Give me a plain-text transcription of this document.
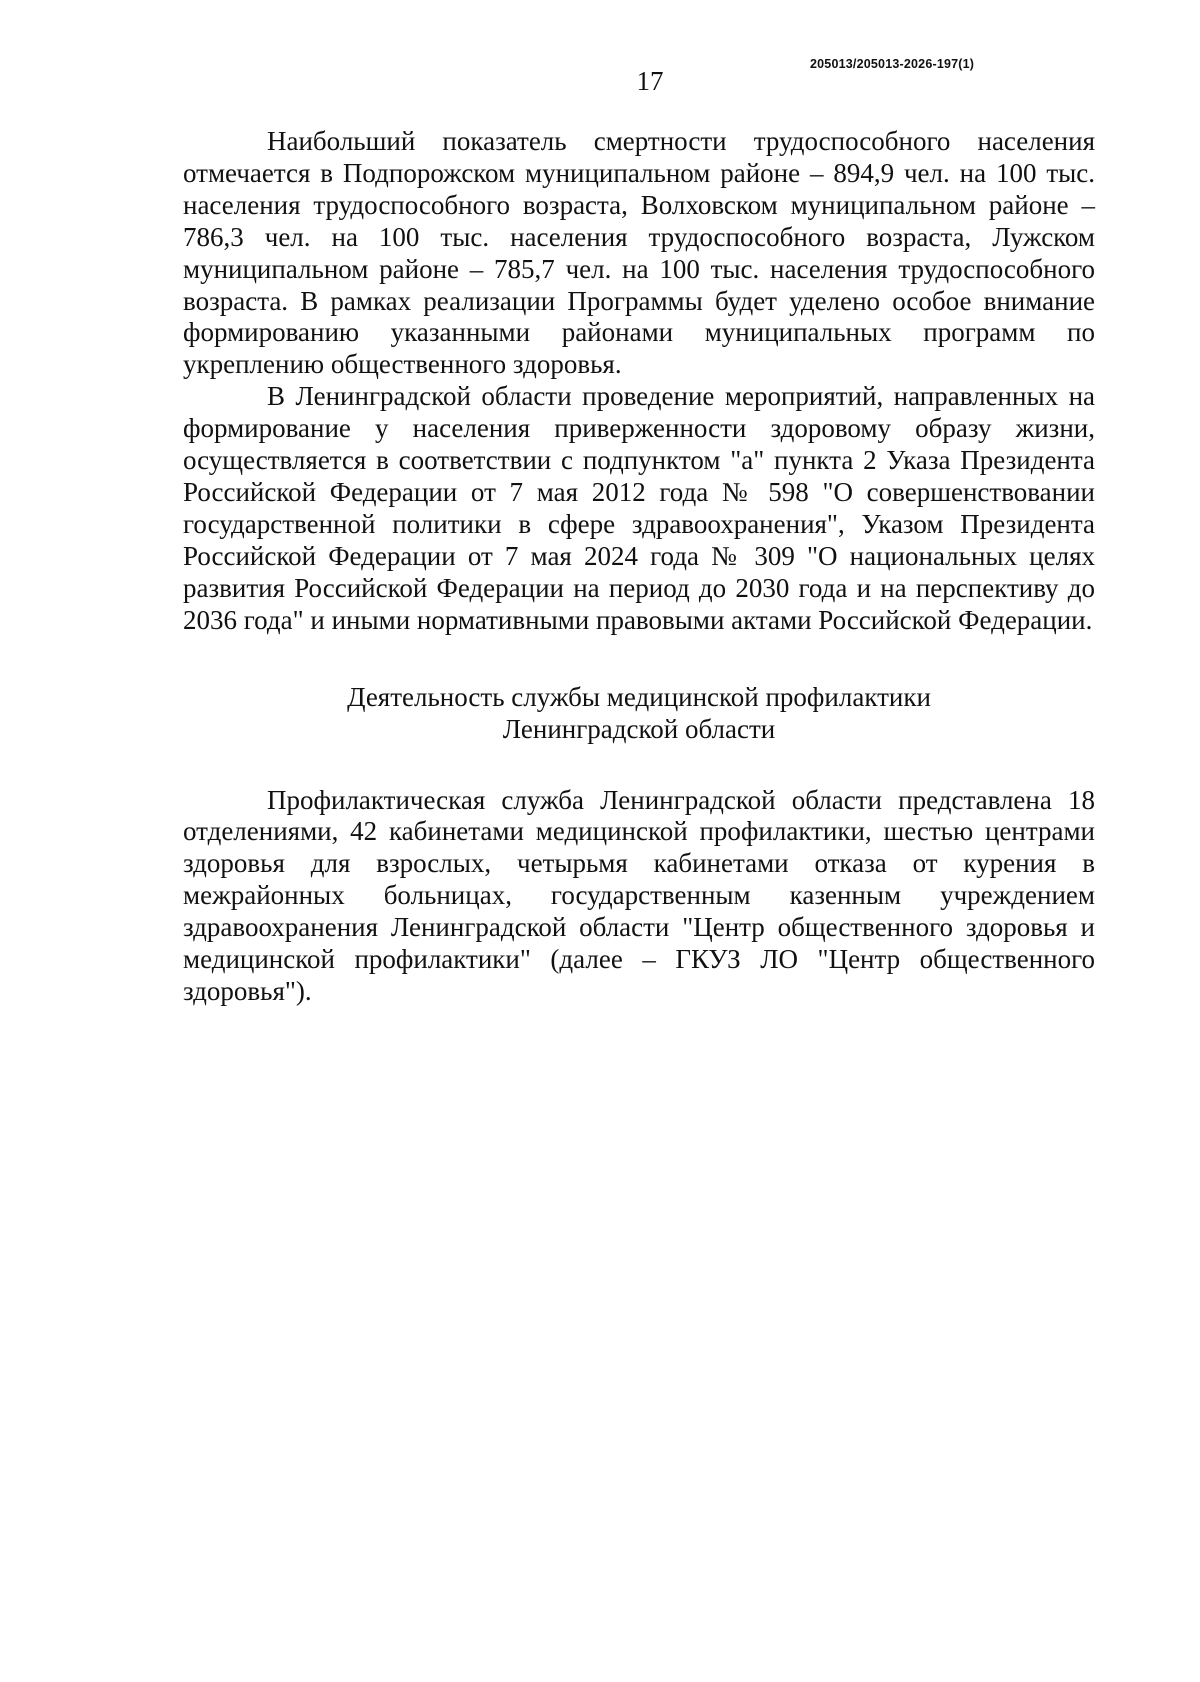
17
205013/205013-2026-197(1)

Наибольший показатель смертности трудоспособного населения отмечается в Подпорожском муниципальном районе – 894,9 чел. на 100 тыс. населения трудоспособного возраста, Волховском муниципальном районе – 786,3 чел. на 100 тыс. населения трудоспособного возраста, Лужском муниципальном районе – 785,7 чел. на 100 тыс. населения трудоспособного возраста. В рамках реализации Программы будет уделено особое внимание формированию указанными районами муниципальных программ по укреплению общественного здоровья.

В Ленинградской области проведение мероприятий, направленных на формирование у населения приверженности здоровому образу жизни, осуществляется в соответствии с подпунктом "а" пункта 2 Указа Президента Российской Федерации от 7 мая 2012 года № 598 "О совершенствовании государственной политики в сфере здравоохранения", Указом Президента Российской Федерации от 7 мая 2024 года № 309 "О национальных целях развития Российской Федерации на период до 2030 года и на перспективу до 2036 года" и иными нормативными правовыми актами Российской Федерации.

Деятельность службы медицинской профилактики
Ленинградской области

Профилактическая служба Ленинградской области представлена 18 отделениями, 42 кабинетами медицинской профилактики, шестью центрами здоровья для взрослых, четырьмя кабинетами отказа от курения в межрайонных больницах, государственным казенным учреждением здравоохранения Ленинградской области "Центр общественного здоровья и медицинской профилактики" (далее – ГКУЗ ЛО "Центр общественного здоровья").
